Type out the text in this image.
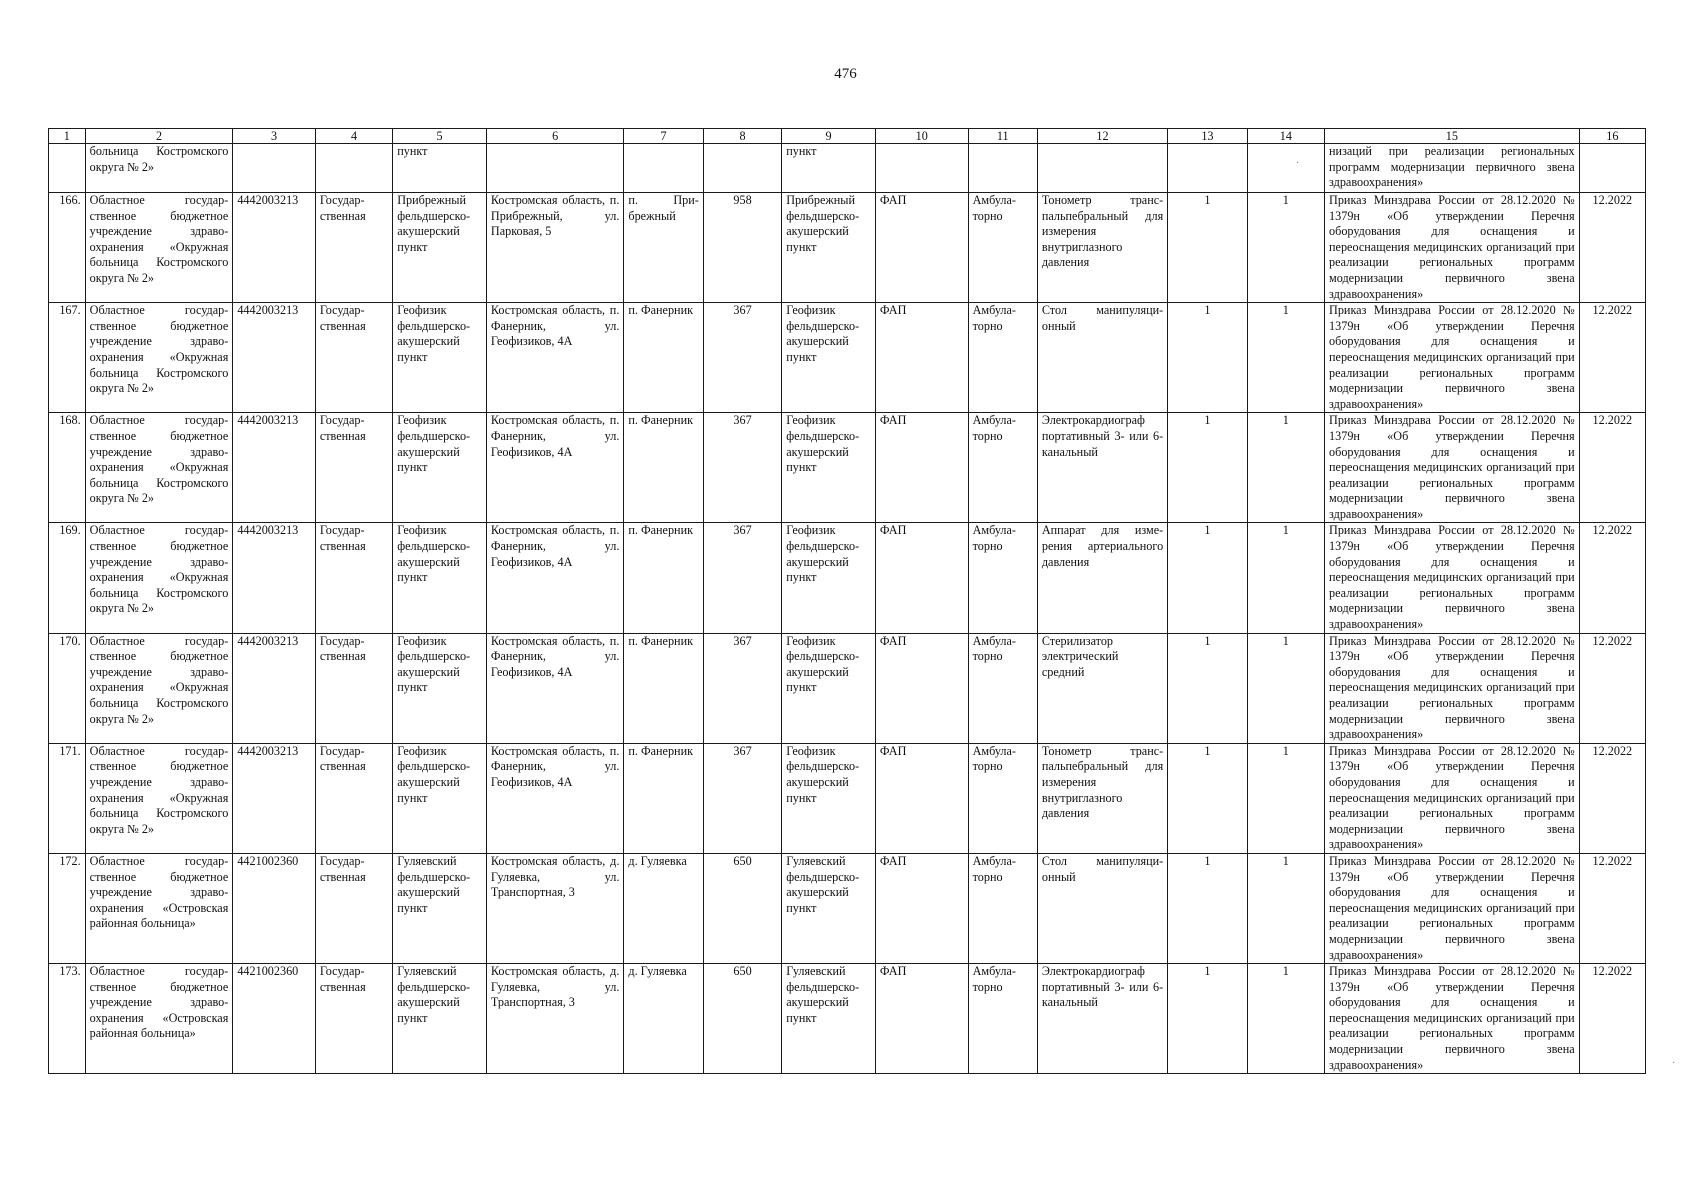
476
1	2	3	4	5	6	7	8	9	10	11	12	13	14	15	16
	больница Костромского округа № 2»			пункт				пункт						низаций при реализации региональных программ модернизации первичного звена здравоохранения»	
166.	Областное государственное бюджетное учреждение здравоохранения «Окружная больница Костромского округа № 2»	4442003213	Государственная	Прибрежный фельдшерско-акушерский пункт	Костромская область, п. Прибрежный, ул. Парковая, 5	п. Прибрежный	958	Прибрежный фельдшерско-акушерский пункт	ФАП	Амбулаторно	Тонометр транспальпебральный для измерения внутриглазного давления	1	1	Приказ Минздрава России от 28.12.2020 № 1379н «Об утверждении Перечня оборудования для оснащения и переоснащения медицинских организаций при реализации региональных программ модернизации первичного звена здравоохранения»	12.2022
167.	Областное государственное бюджетное учреждение здравоохранения «Окружная больница Костромского округа № 2»	4442003213	Государственная	Геофизик фельдшерско-акушерский пункт	Костромская область, п. Фанерник, ул. Геофизиков, 4А	п. Фанерник	367	Геофизик фельдшерско-акушерский пункт	ФАП	Амбулаторно	Стол манипуляционный	1	1	Приказ Минздрава России от 28.12.2020 № 1379н «Об утверждении Перечня оборудования для оснащения и переоснащения медицинских организаций при реализации региональных программ модернизации первичного звена здравоохранения»	12.2022
168.	Областное государственное бюджетное учреждение здравоохранения «Окружная больница Костромского округа № 2»	4442003213	Государственная	Геофизик фельдшерско-акушерский пункт	Костромская область, п. Фанерник, ул. Геофизиков, 4А	п. Фанерник	367	Геофизик фельдшерско-акушерский пункт	ФАП	Амбулаторно	Электрокардиограф портативный 3- или 6-канальный	1	1	Приказ Минздрава России от 28.12.2020 № 1379н «Об утверждении Перечня оборудования для оснащения и переоснащения медицинских организаций при реализации региональных программ модернизации первичного звена здравоохранения»	12.2022
169.	Областное государственное бюджетное учреждение здравоохранения «Окружная больница Костромского округа № 2»	4442003213	Государственная	Геофизик фельдшерско-акушерский пункт	Костромская область, п. Фанерник, ул. Геофизиков, 4А	п. Фанерник	367	Геофизик фельдшерско-акушерский пункт	ФАП	Амбулаторно	Аппарат для измерения артериального давления	1	1	Приказ Минздрава России от 28.12.2020 № 1379н «Об утверждении Перечня оборудования для оснащения и переоснащения медицинских организаций при реализации региональных программ модернизации первичного звена здравоохранения»	12.2022
170.	Областное государственное бюджетное учреждение здравоохранения «Окружная больница Костромского округа № 2»	4442003213	Государственная	Геофизик фельдшерско-акушерский пункт	Костромская область, п. Фанерник, ул. Геофизиков, 4А	п. Фанерник	367	Геофизик фельдшерско-акушерский пункт	ФАП	Амбулаторно	Стерилизатор электрический средний	1	1	Приказ Минздрава России от 28.12.2020 № 1379н «Об утверждении Перечня оборудования для оснащения и переоснащения медицинских организаций при реализации региональных программ модернизации первичного звена здравоохранения»	12.2022
171.	Областное государственное бюджетное учреждение здравоохранения «Окружная больница Костромского округа № 2»	4442003213	Государственная	Геофизик фельдшерско-акушерский пункт	Костромская область, п. Фанерник, ул. Геофизиков, 4А	п. Фанерник	367	Геофизик фельдшерско-акушерский пункт	ФАП	Амбулаторно	Тонометр транспальпебральный для измерения внутриглазного давления	1	1	Приказ Минздрава России от 28.12.2020 № 1379н «Об утверждении Перечня оборудования для оснащения и переоснащения медицинских организаций при реализации региональных программ модернизации первичного звена здравоохранения»	12.2022
172.	Областное государственное бюджетное учреждение здравоохранения «Островская районная больница»	4421002360	Государственная	Гуляевский фельдшерско-акушерский пункт	Костромская область, д. Гуляевка, ул. Транспортная, 3	д. Гуляевка	650	Гуляевский фельдшерско-акушерский пункт	ФАП	Амбулаторно	Стол манипуляционный	1	1	Приказ Минздрава России от 28.12.2020 № 1379н «Об утверждении Перечня оборудования для оснащения и переоснащения медицинских организаций при реализации региональных программ модернизации первичного звена здравоохранения»	12.2022
173.	Областное государственное бюджетное учреждение здравоохранения «Островская районная больница»	4421002360	Государственная	Гуляевский фельдшерско-акушерский пункт	Костромская область, д. Гуляевка, ул. Транспортная, 3	д. Гуляевка	650	Гуляевский фельдшерско-акушерский пункт	ФАП	Амбулаторно	Электрокардиограф портативный 3- или 6-канальный	1	1	Приказ Минздрава России от 28.12.2020 № 1379н «Об утверждении Перечня оборудования для оснащения и переоснащения медицинских организаций при реализации региональных программ модернизации первичного звена здравоохранения»	12.2022
·
·
